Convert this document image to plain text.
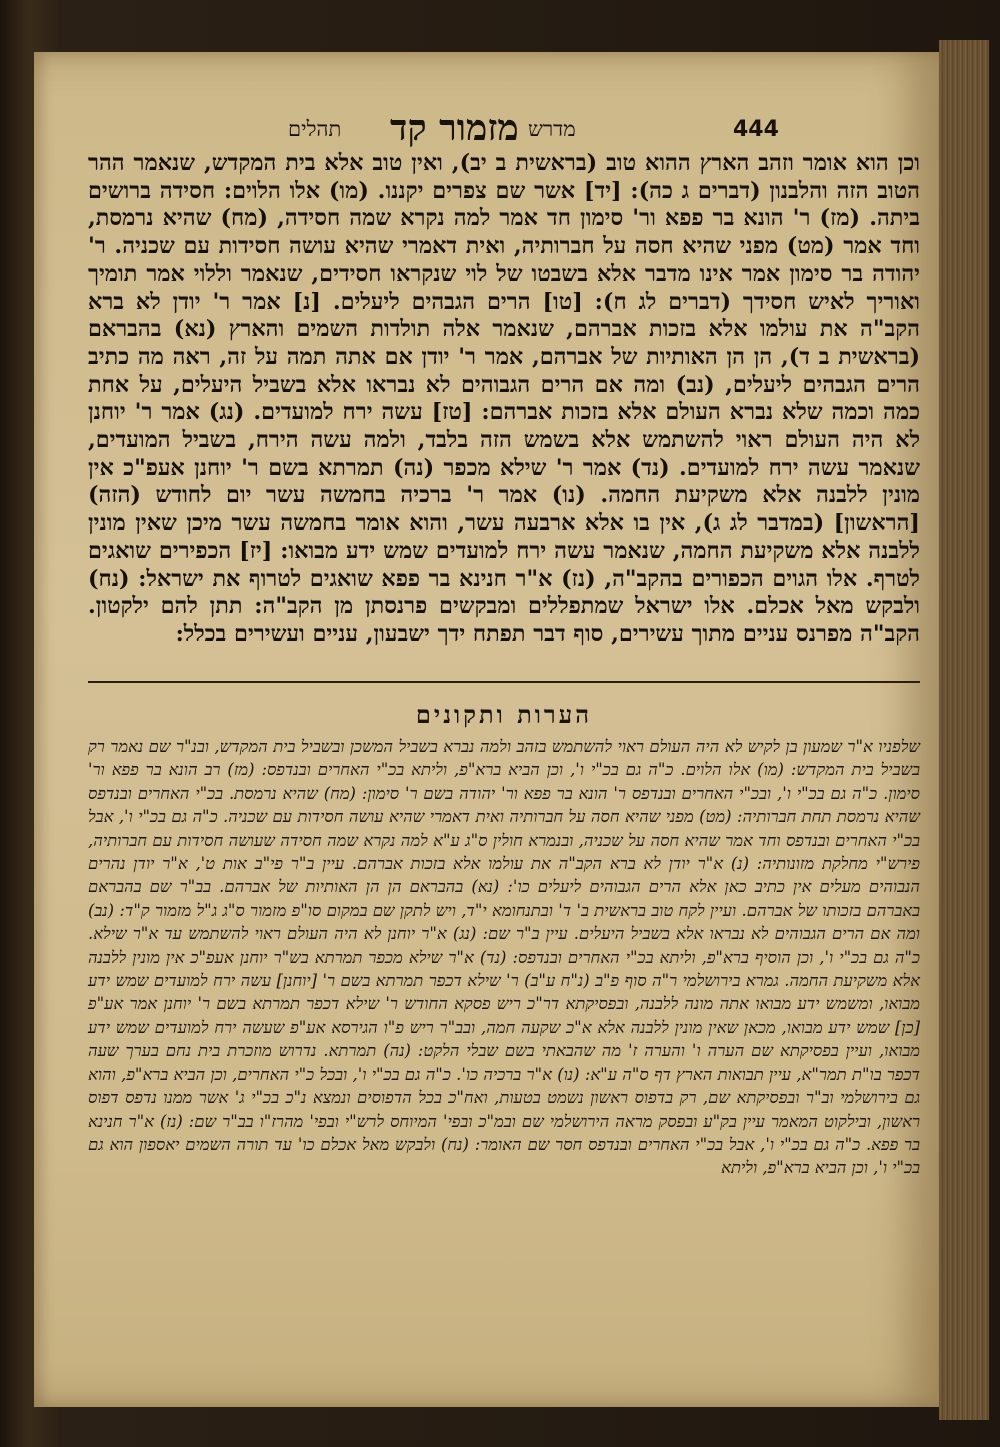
444
מדרש
מזמור קד
תהלים

וכן הוא אומר וזהב הארץ ההוא טוב (בראשית ב יב), ואין טוב אלא בית המקדש, שנאמר ההר הטוב הזה והלבנון (דברים ג כה): [יד] אשר שם צפרים יקננו. (מו) אלו הלוים: חסידה ברושים ביתה. (מז) ר' הונא בר פפא ור' סימון חד אמר למה נקרא שמה חסידה, (מח) שהיא נרמסת, וחד אמר (מט) מפני שהיא חסה על חברותיה, ואית דאמרי שהיא עושה חסידות עם שכניה. ר' יהודה בר סימון אמר אינו מדבר אלא בשבטו של לוי שנקראו חסידים, שנאמר וללוי אמר תומיך ואוריך לאיש חסידך (דברים לג ח): [טו] הרים הגבהים ליעלים. [נ] אמר ר' יודן לא ברא הקב"ה את עולמו אלא בזכות אברהם, שנאמר אלה תולדות השמים והארץ (נא) בהבראם (בראשית ב ד), הן הן האותיות של אברהם, אמר ר' יודן אם אתה תמה על זה, ראה מה כתיב הרים הגבהים ליעלים, (נב) ומה אם הרים הגבוהים לא נבראו אלא בשביל היעלים, על אחת כמה וכמה שלא נברא העולם אלא בזכות אברהם: [טז] עשה ירח למועדים. (נג) אמר ר' יוחנן לא היה העולם ראוי להשתמש אלא בשמש הזה בלבד, ולמה עשה הירח, בשביל המועדים, שנאמר עשה ירח למועדים. (נד) אמר ר' שילא מכפר (נה) תמרתא בשם ר' יוחנן אעפ"כ אין מונין ללבנה אלא משקיעת החמה. (נו) אמר ר' ברכיה בחמשה עשר יום לחודש (הזה) [הראשון] (במדבר לג ג), אין בו אלא ארבעה עשר, והוא אומר בחמשה עשר מיכן שאין מונין ללבנה אלא משקיעת החמה, שנאמר עשה ירח למועדים שמש ידע מבואו: [יז] הכפירים שואגים לטרף. אלו הגוים הכפורים בהקב"ה, (נז) א"ר חנינא בר פפא שואגים לטרוף את ישראל: (נח) ולבקש מאל אכלם. אלו ישראל שמתפללים ומבקשים פרנסתן מן הקב"ה: תתן להם ילקטון. הקב"ה מפרנס עניים מתוך עשירים, סוף דבר תפתח ידך ישבעון, עניים ועשירים בכלל:

הערות ותקונים
שלפניו א"ר שמעון בן לקיש לא היה העולם ראוי להשתמש בזהב ולמה נברא בשביל המשכן ובשביל בית המקדש, ובנ"ר שם נאמר רק בשביל בית המקדש: (מו) אלו הלוים. כ"ה גם בכ"י ו', וכן הביא ברא"פ, וליתא בכ"י האחרים ובנדפס: (מז) רב הונא בר פפא ור' סימון. כ"ה גם בכ"י ו', ובכ"י האחרים ובנדפס ר' הונא בר פפא ור' יהודה בשם ר' סימון: (מח) שהיא נרמסת. בכ"י האחרים ובנדפס שהיא נרמסת תחת חברותיה: (מט) מפני שהיא חסה על חברותיה ואית דאמרי שהיא עושה חסידות עם שכניה. כ"ה גם בכ"י ו', אבל בכ"י האחרים ובנדפס וחד אמר שהיא חסה על שכניה, ובנמרא חולין ס"ג ע"א למה נקרא שמה חסידה שעושה חסידות עם חברותיה, פירש"י מחלקת מזונותיה: (נ) א"ר יודן לא ברא הקב"ה את עולמו אלא בזכות אברהם. עיין ב"ר פי"ב אות ט', א"ר יודן נהרים הנבוהים מעלים אין כתיב כאן אלא הרים הגבוהים ליעלים כו': (נא) בהבראם הן הן האותיות של אברהם. בב"ר שם בהבראם באברהם בזכותו של אברהם. ועיין לקח טוב בראשית ב' ד' ובתנחומא י"ד, ויש לתקן שם במקום סו"פ מזמור ס"ג ג"ל מזמור ק"ד: (נב) ומה אם הרים הגבוהים לא נבראו אלא בשביל היעלים. עיין ב"ר שם: (נג) א"ר יוחנן לא היה העולם ראוי להשתמש עד א"ר שילא. כ"ה גם בכ"י ו', וכן הוסיף ברא"פ, וליתא בכ"י האחרים ובנדפס: (נד) א"ר שילא מכפר תמרתא בש"ר יוחנן אעפ"כ אין מונין ללבנה אלא משקיעת החמה. גמרא בירושלמי ר"ה סוף פ"ב (נ"ח ע"ב) ר' שילא דכפר תמרתא בשם ר' [יוחנן] עשה ירח למועדים שמש ידע מבואו, ומשמש ידע מבואו אתה מונה ללבנה, ובפסיקתא דר"כ ריש פסקא החודש ר' שילא דכפר תמרתא בשם ר' יוחנן אמר אע"פ [כן] שמש ידע מבואו, מכאן שאין מונין ללבנה אלא א"כ שקעה חמה, ובב"ר ריש פ"ו הגירסא אע"פ שעשה ירח למועדים שמש ידע מבואו, ועיין בפסיקתא שם הערה ו' והערה ז' מה שהבאתי בשם שבלי הלקט: (נה) תמרתא. נדרוש מוזכרת בית נחם בערך שעה דכפר בו"ת תמר"א, עיין תבואות הארץ דף ס"ה ע"א: (נו) א"ר ברכיה כו'. כ"ה גם בכ"י ו', ובכל כ"י האחרים, וכן הביא ברא"פ, והוא גם בירושלמי וב"ר ובפסיקתא שם, רק בדפוס ראשון נשמט בטעות, ואח"כ בכל הדפוסים ונמצא נ"כ בכ"י ג' אשר ממנו נדפס דפוס ראשון, ובילקוט המאמר עיין בק"ע ובפסק מראה הירושלמי שם ובמ"כ ובפי' המיוחס לרש"י ובפי' מהרז"ו בב"ר שם: (נז) א"ר חנינא בר פפא. כ"ה גם בכ"י ו', אבל בכ"י האחרים ובנדפס חסר שם האומר: (נח) ולבקש מאל אכלם כו' עד תורה השמים יאספון הוא גם בכ"י ו', וכן הביא ברא"פ, וליתא
